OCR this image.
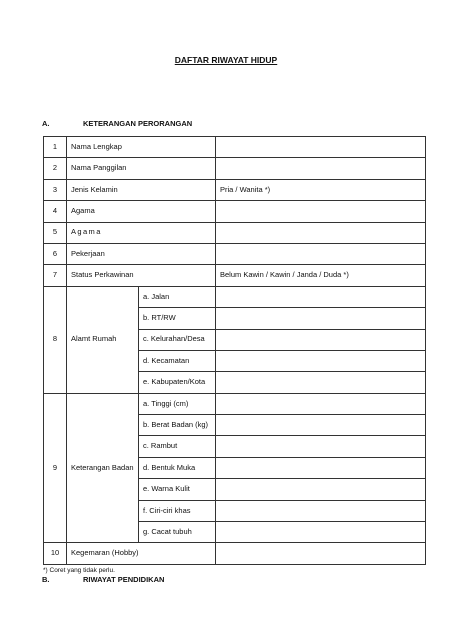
DAFTAR RIWAYAT HIDUP
A.	KETERANGAN PERORANGAN
1	Nama Lengkap		
2	Nama Panggilan		
3	Jenis Kelamin		Pria / Wanita *)
4	Agama		
5	Agama		
6	Pekerjaan		
7	Status Perkawinan		Belum Kawin / Kawin / Janda / Duda *)
8	Alamt Rumah	a. Jalan	
		b. RT/RW	
		c. Kelurahan/Desa	
		d. Kecamatan	
		e. Kabupaten/Kota	
9	Keterangan Badan	a. Tinggi (cm)	
		b. Berat Badan (kg)	
		c. Rambut	
		d. Bentuk Muka	
		e. Warna Kulit	
		f. Ciri-ciri khas	
		g. Cacat tubuh	
10	Kegemaran (Hobby)		
*) Coret yang tidak perlu.
B.	RIWAYAT PENDIDIKAN
